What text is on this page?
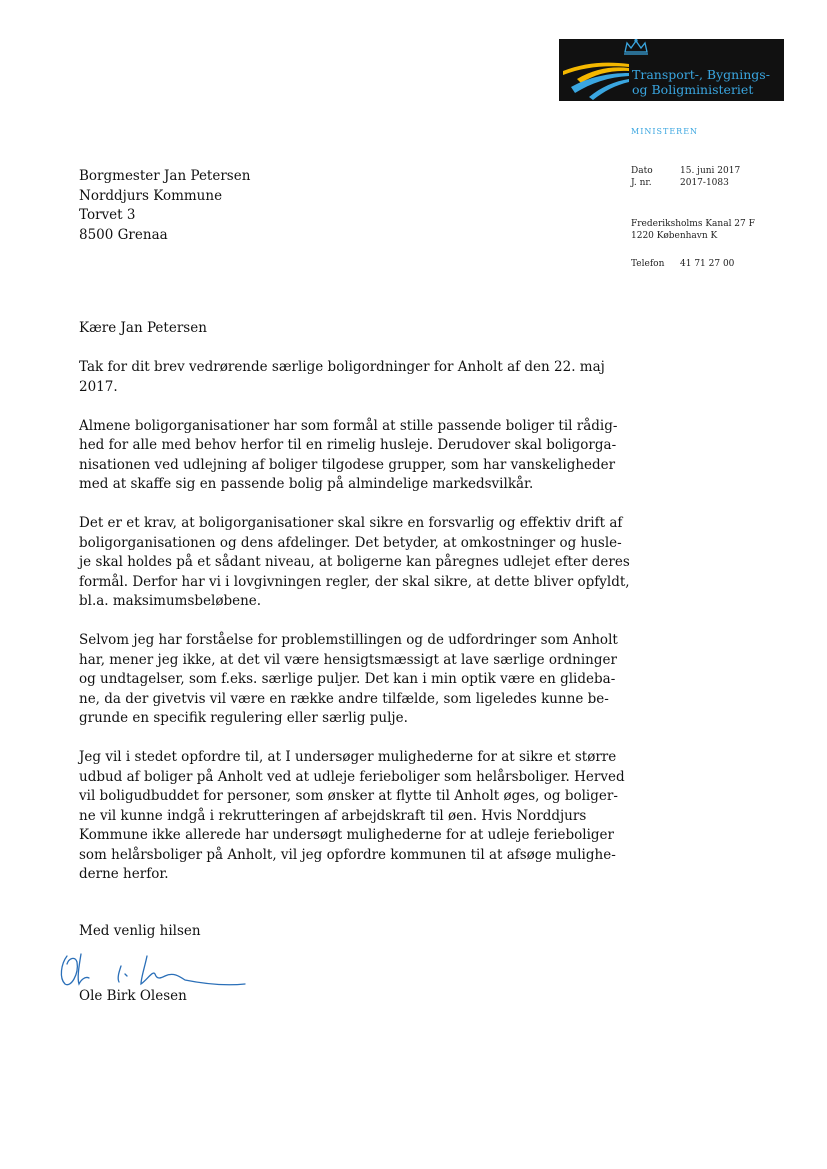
Transport-, Bygnings-
og Boligministeriet
MINISTEREN
Dato	15. juni 2017
J. nr.	2017-1083
Frederiksholms Kanal 27 F
1220 København K
Telefon 41 71 27 00
Borgmester Jan Petersen
Norddjurs Kommune
Torvet 3
8500 Grenaa

Kære Jan Petersen

Tak for dit brev vedrørende særlige boligordninger for Anholt af den 22. maj
2017.

Almene boligorganisationer har som formål at stille passende boliger til rådig-
hed for alle med behov herfor til en rimelig husleje. Derudover skal boligorga-
nisationen ved udlejning af boliger tilgodese grupper, som har vanskeligheder
med at skaffe sig en passende bolig på almindelige markedsvilkår.

Det er et krav, at boligorganisationer skal sikre en forsvarlig og effektiv drift af
boligorganisationen og dens afdelinger. Det betyder, at omkostninger og husle-
je skal holdes på et sådant niveau, at boligerne kan påregnes udlejet efter deres
formål. Derfor har vi i lovgivningen regler, der skal sikre, at dette bliver opfyldt,
bl.a. maksimumsbeløbene.

Selvom jeg har forståelse for problemstillingen og de udfordringer som Anholt
har, mener jeg ikke, at det vil være hensigtsmæssigt at lave særlige ordninger
og undtagelser, som f.eks. særlige puljer. Det kan i min optik være en glideba-
ne, da der givetvis vil være en række andre tilfælde, som ligeledes kunne be-
grunde en specifik regulering eller særlig pulje.

Jeg vil i stedet opfordre til, at I undersøger mulighederne for at sikre et større
udbud af boliger på Anholt ved at udleje ferieboliger som helårsboliger. Herved
vil boligudbuddet for personer, som ønsker at flytte til Anholt øges, og boliger-
ne vil kunne indgå i rekrutteringen af arbejdskraft til øen. Hvis Norddjurs
Kommune ikke allerede har undersøgt mulighederne for at udleje ferieboliger
som helårsboliger på Anholt, vil jeg opfordre kommunen til at afsøge mulighe-
derne herfor.

Med venlig hilsen
Ole Birk Olesen
